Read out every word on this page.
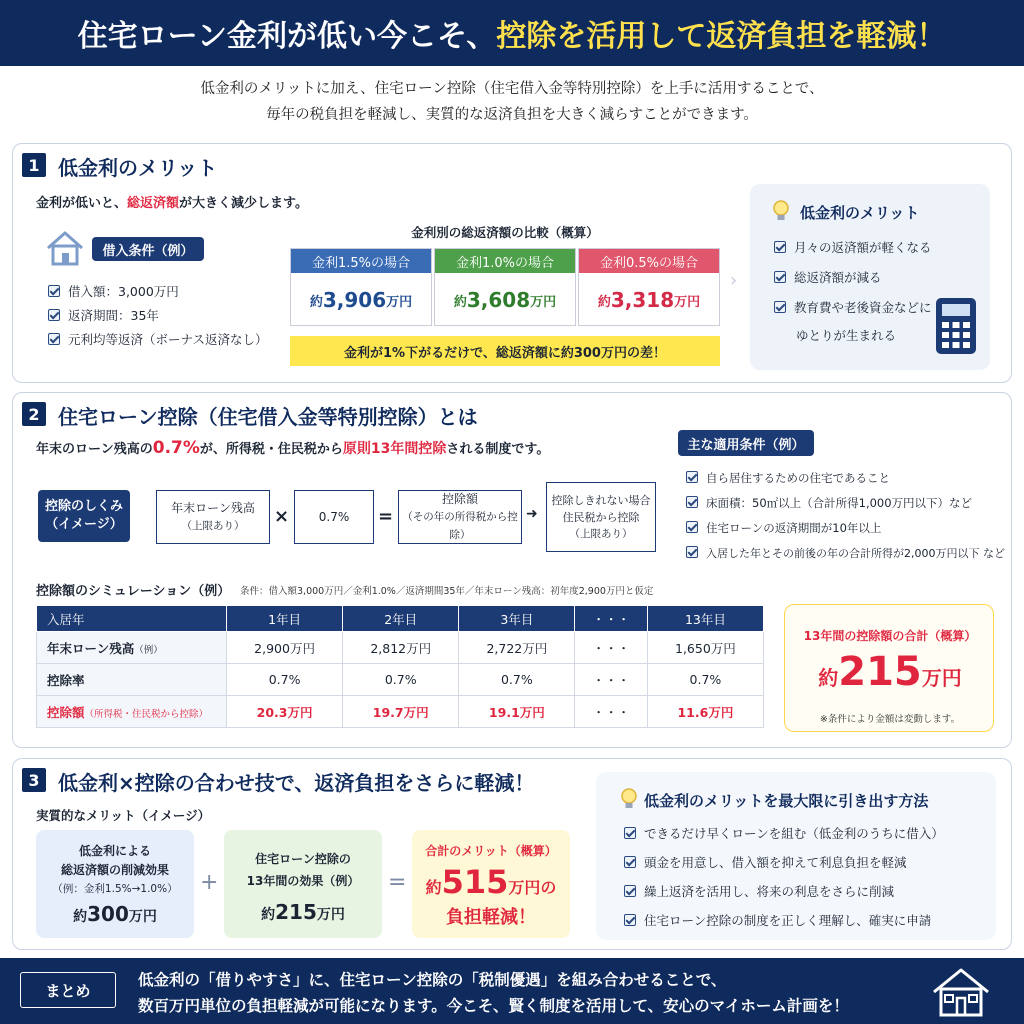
住宅ローン金利が低い今こそ、 控除を活用して返済負担を軽減！
低金利のメリットに加え、住宅ローン控除（住宅借入金等特別控除）を上手に活用することで、
毎年の税負担を軽減し、実質的な返済負担を大きく減らすことができます。
1 低金利のメリット
金利が低いと、総返済額が大きく減少します。
借入条件（例）
借入額：3,000万円
返済期間：35年
元利均等返済（ボーナス返済なし）
金利別の総返済額の比較（概算）
金利1.5%の場合
約 3,906 万円
金利1.0%の場合
約 3,608 万円
金利0.5%の場合
約 3,318 万円
金利が1%下がるだけで、総返済額に約300万円の差！
›
低金利のメリット
月々の返済額が軽くなる
総返済額が減る
教育費や老後資金などに
ゆとりが生まれる
2 住宅ローン控除（住宅借入金等特別控除）とは
年末のローン残高の0.7%が、所得税・住民税から原則13年間控除される制度です。
控除のしくみ
（イメージ）
年末ローン残高
（上限あり） × 0.7% =
控除額
（その年の所得税から控除）
➜
控除しきれない場合
住民税から控除
（上限あり）
主な適用条件（例）
自ら居住するための住宅であること
床面積：50㎡以上（合計所得1,000万円以下）など
住宅ローンの返済期間が10年以上
入居した年とその前後の年の合計所得が2,000万円以下 など
控除額のシミュレーション（例） 条件：借入額3,000万円／金利1.0%／返済期間35年／年末ローン残高：初年度2,900万円と仮定
入居年	1年目	2年目	3年目	・・・	13年目
年末ローン残高（例）	2,900万円	2,812万円	2,722万円	・・・	1,650万円
控除率	0.7%	0.7%	0.7%	・・・	0.7%
控除額（所得税・住民税から控除）	20.3万円	19.7万円	19.1万円	・・・	11.6万円
13年間の控除額の合計（概算）
約215万円
※条件により金額は変動します。
3 低金利×控除の合わせ技で、返済負担をさらに軽減！
実質的なメリット（イメージ）
低金利による
総返済額の削減効果
（例：金利1.5%→1.0%）
約300万円
+
住宅ローン控除の
13年間の効果（例）
約215万円
=
合計のメリット（概算）
約515万円の
負担軽減！
低金利のメリットを最大限に引き出す方法
できるだけ早くローンを組む（低金利のうちに借入）
頭金を用意し、借入額を抑えて利息負担を軽減
繰上返済を活用し、将来の利息をさらに削減
住宅ローン控除の制度を正しく理解し、確実に申請
まとめ
低金利の「借りやすさ」に、住宅ローン控除の「税制優遇」を組み合わせることで、
数百万円単位の負担軽減が可能になります。今こそ、賢く制度を活用して、安心のマイホーム計画を！
